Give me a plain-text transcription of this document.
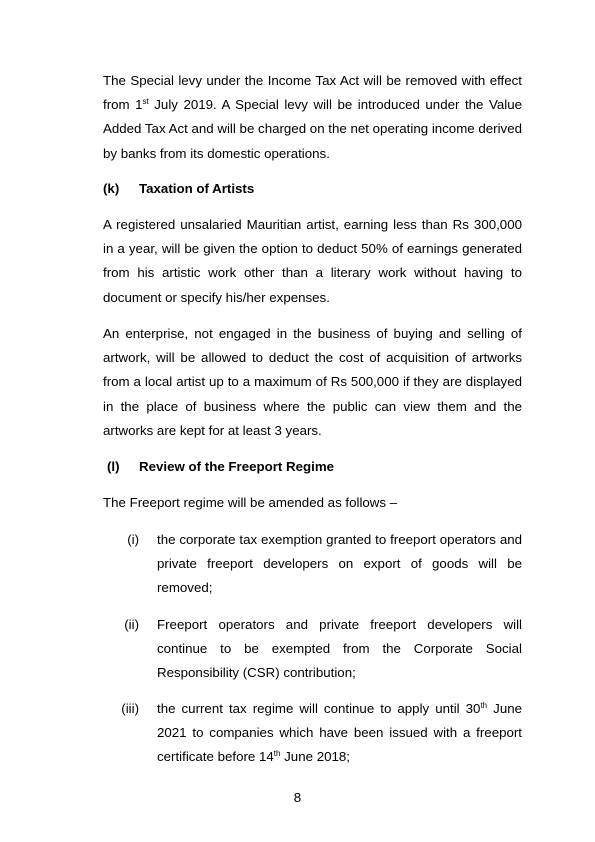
The Special levy under the Income Tax Act will be removed with effect from 1st July 2019. A Special levy will be introduced under the Value Added Tax Act and will be charged on the net operating income derived by banks from its domestic operations.

(k) Taxation of Artists

A registered unsalaried Mauritian artist, earning less than Rs 300,000 in a year, will be given the option to deduct 50% of earnings generated from his artistic work other than a literary work without having to document or specify his/her expenses.

An enterprise, not engaged in the business of buying and selling of artwork, will be allowed to deduct the cost of acquisition of artworks from a local artist up to a maximum of Rs 500,000 if they are displayed in the place of business where the public can view them and the artworks are kept for at least 3 years.

(l) Review of the Freeport Regime

The Freeport regime will be amended as follows –

(i) the corporate tax exemption granted to freeport operators and private freeport developers on export of goods will be removed;
(ii) Freeport operators and private freeport developers will continue to be exempted from the Corporate Social Responsibility (CSR) contribution;
(iii) the current tax regime will continue to apply until 30th June 2021 to companies which have been issued with a freeport certificate before 14th June 2018;
8
